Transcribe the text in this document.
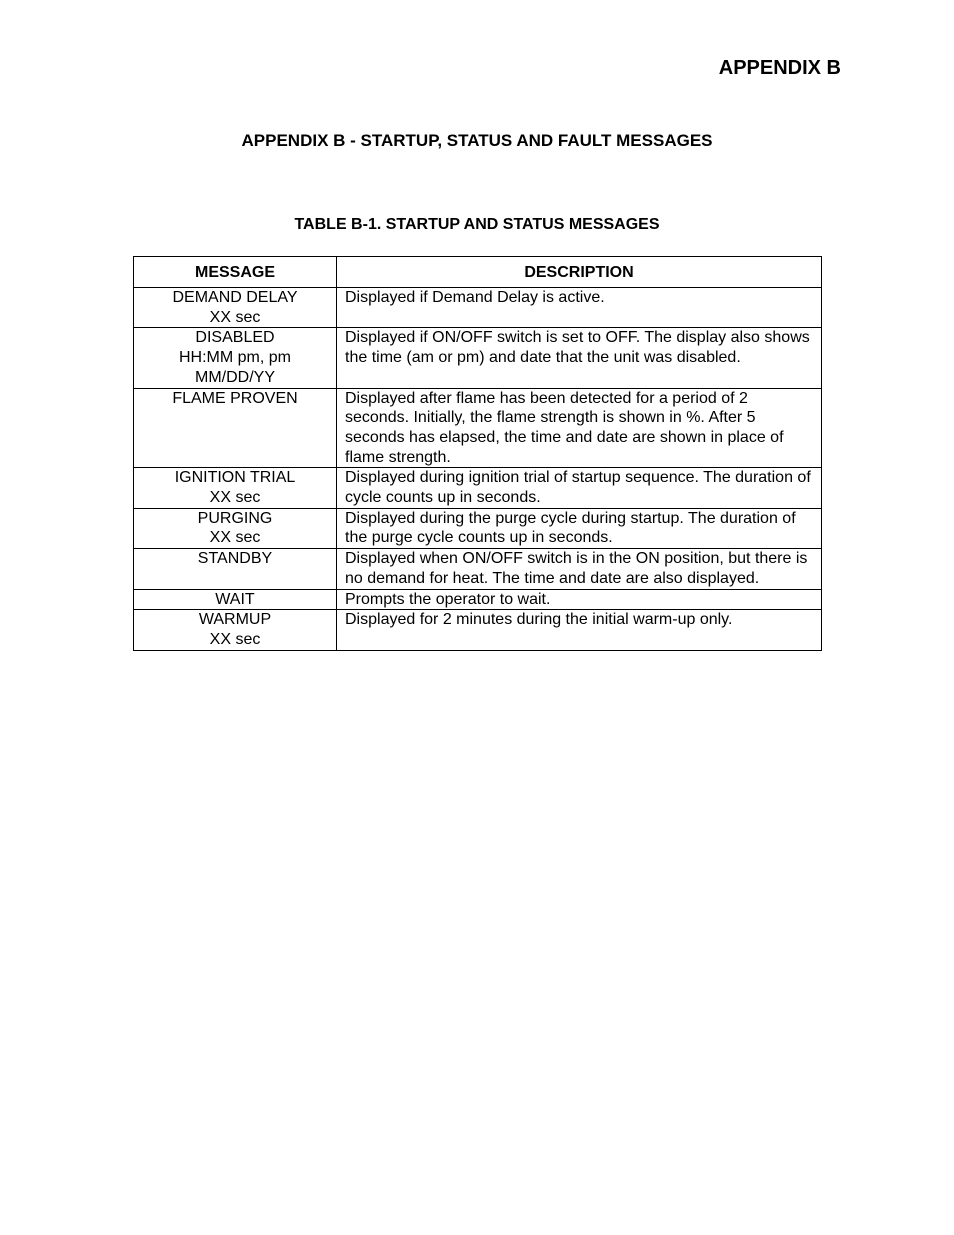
APPENDIX B
APPENDIX B - STARTUP, STATUS AND FAULT MESSAGES
TABLE B-1. STARTUP AND STATUS MESSAGES
MESSAGE	DESCRIPTION

DEMAND DELAY
XX sec	Displayed if Demand Delay is active.

DISABLED
HH:MM pm, pm
MM/DD/YY	Displayed if ON/OFF switch is set to OFF. The display also shows the time (am or pm) and date that the unit was disabled.

FLAME PROVEN	Displayed after flame has been detected for a period of 2 seconds. Initially, the flame strength is shown in %. After 5 seconds has elapsed, the time and date are shown in place of flame strength.

IGNITION TRIAL
XX sec	Displayed during ignition trial of startup sequence. The duration of cycle counts up in seconds.

PURGING
XX sec	Displayed during the purge cycle during startup. The duration of the purge cycle counts up in seconds.

STANDBY	Displayed when ON/OFF switch is in the ON position, but there is no demand for heat. The time and date are also displayed.

WAIT	Prompts the operator to wait.

WARMUP
XX sec	Displayed for 2 minutes during the initial warm-up only.
